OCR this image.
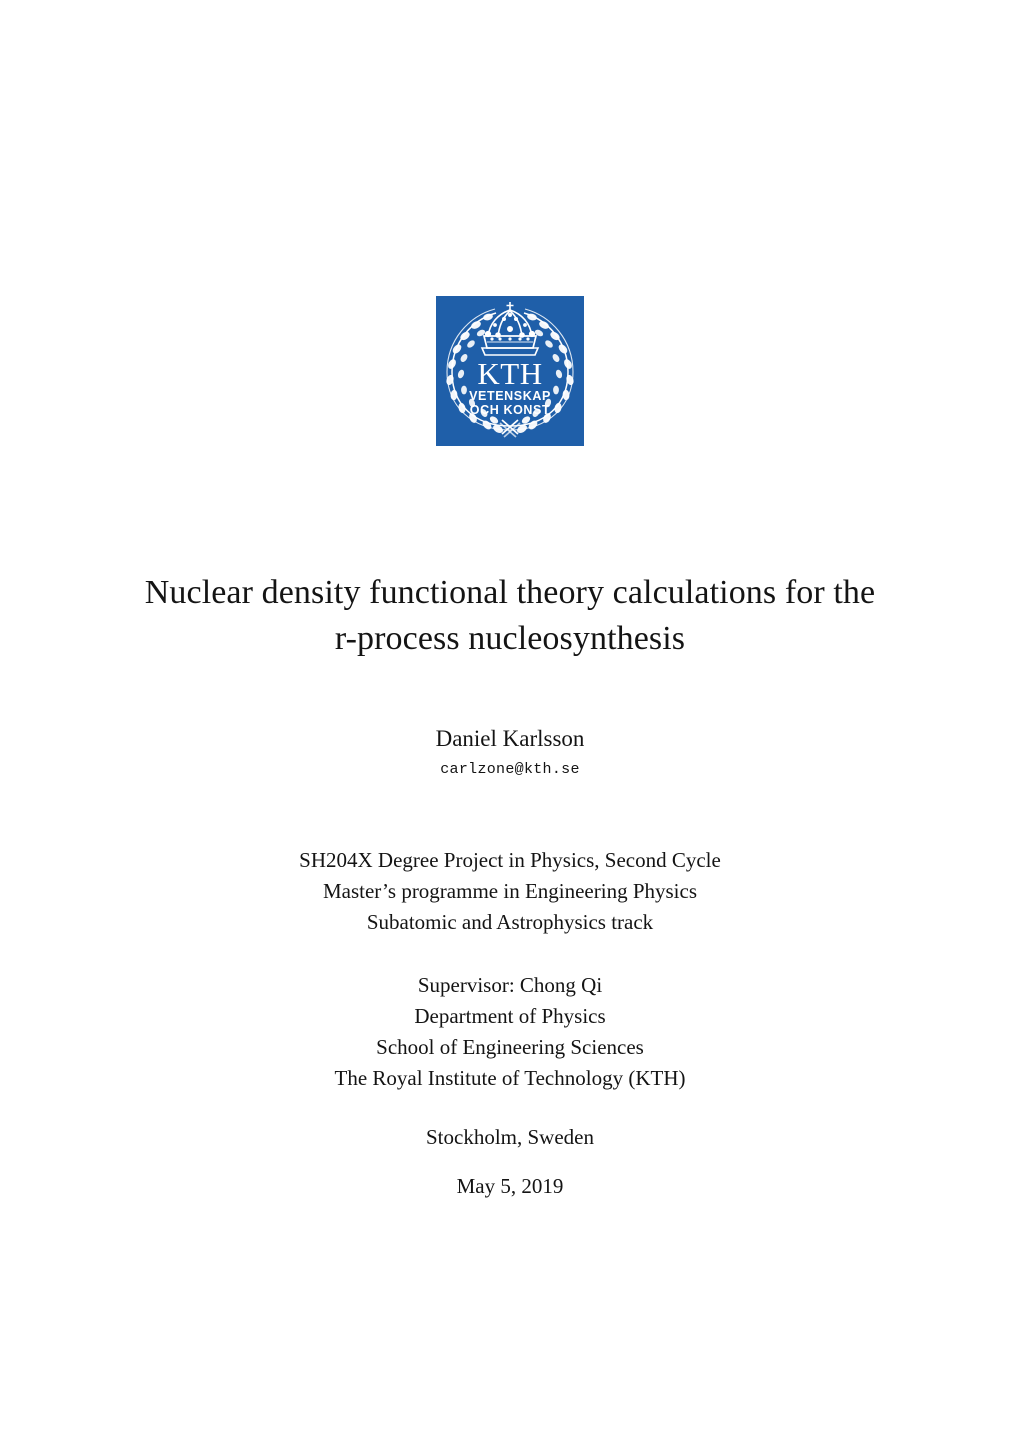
KTH
VETENSKAP
OCH KONST
Nuclear density functional theory calculations for the
r-process nucleosynthesis
Daniel Karlsson
carlzone@kth.se
SH204X Degree Project in Physics, Second Cycle
Master’s programme in Engineering Physics
Subatomic and Astrophysics track
Supervisor: Chong Qi
Department of Physics
School of Engineering Sciences
The Royal Institute of Technology (KTH)
Stockholm, Sweden
May 5, 2019
